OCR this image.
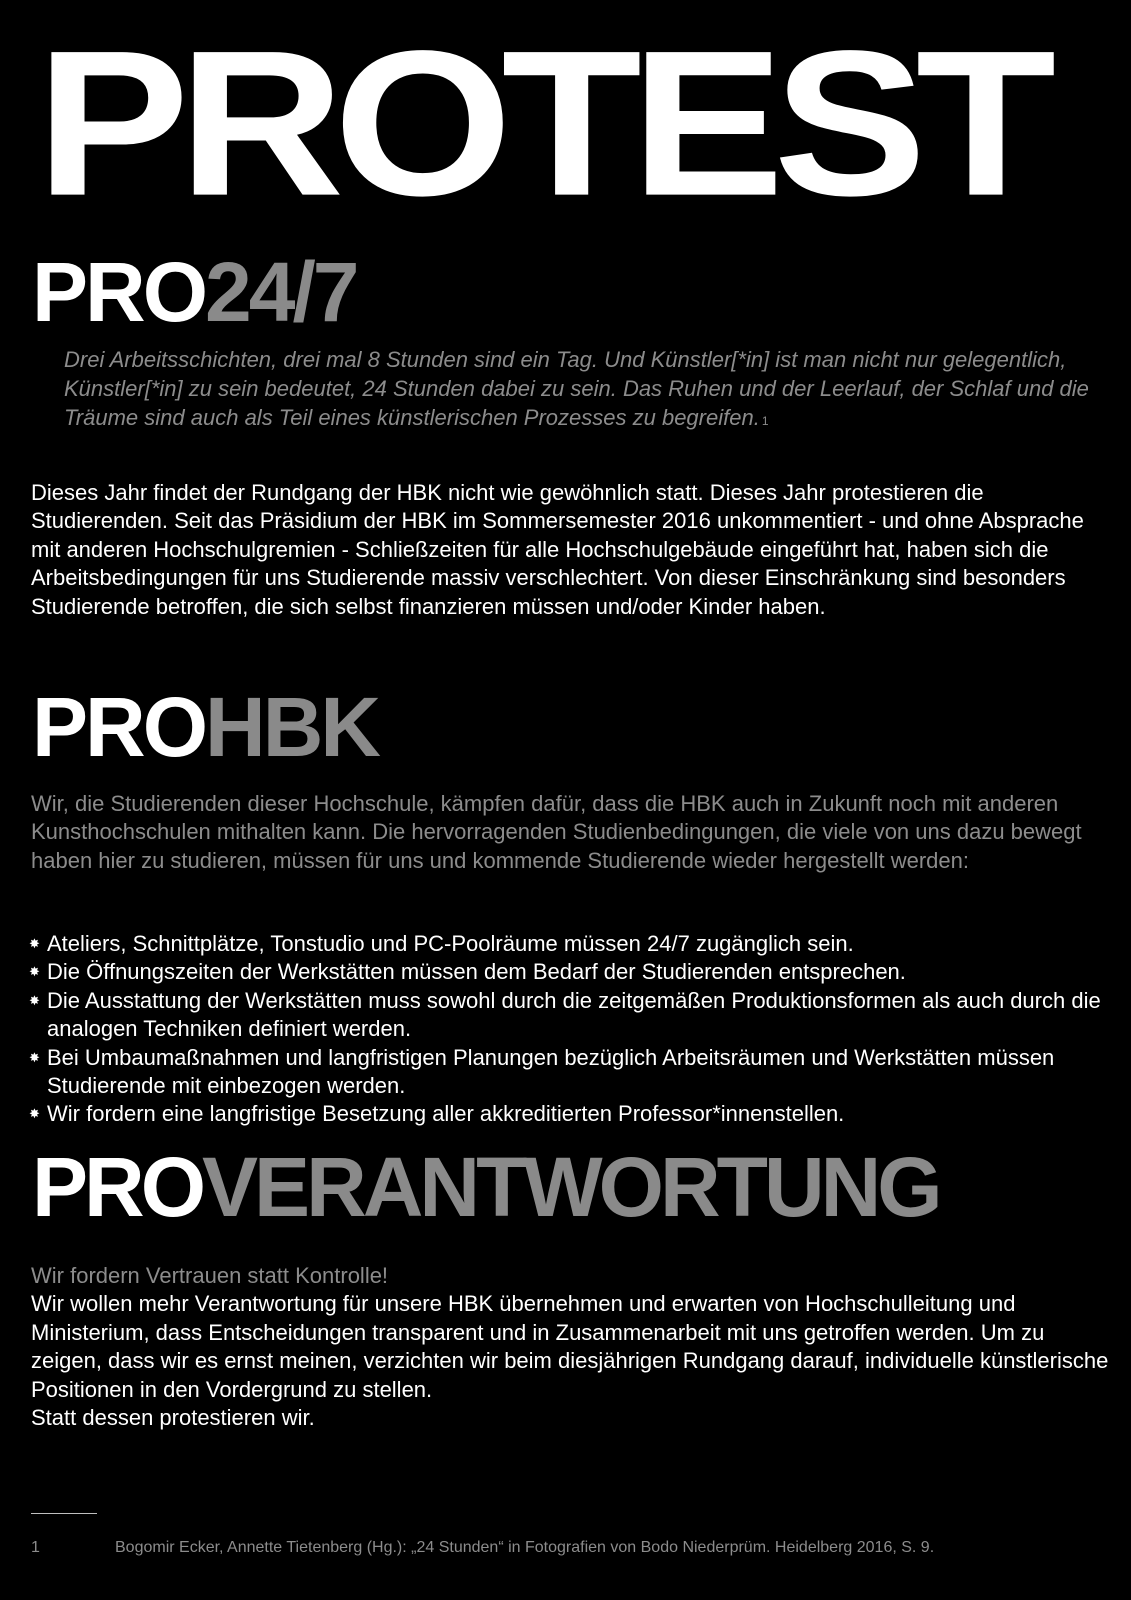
PROTEST
PRO24/7
Drei Arbeitsschichten, drei mal 8 Stunden sind ein Tag. Und Künstler[*in] ist man nicht nur gelegentlich, Künstler[*in] zu sein bedeutet, 24 Stunden dabei zu sein. Das Ruhen und der Leerlauf, der Schlaf und die Träume sind auch als Teil eines künstlerischen Prozesses zu begreifen. $^1$
Dieses Jahr findet der Rundgang der HBK nicht wie gewöhnlich statt. Dieses Jahr protestieren die Studierenden. Seit das Präsidium der HBK im Sommersemester 2016 unkommentiert - und ohne Absprache mit anderen Hochschulgremien - Schließzeiten für alle Hochschulgebäude eingeführt hat, haben sich die Arbeitsbedingungen für uns Studierende massiv verschlechtert. Von dieser Einschränkung sind besonders Studierende betroffen, die sich selbst finanzieren müssen und/oder Kinder haben.
PROHBK
Wir, die Studierenden dieser Hochschule, kämpfen dafür, dass die HBK auch in Zukunft noch mit anderen Kunsthochschulen mithalten kann. Die hervorragenden Studienbedingungen, die viele von uns dazu bewegt haben hier zu studieren, müssen für uns und kommende Studierende wieder hergestellt werden:
✸ Ateliers, Schnittplätze, Tonstudio und PC-Poolräume müssen 24/7 zugänglich sein.
✸ Die Öffnungszeiten der Werkstätten müssen dem Bedarf der Studierenden entsprechen.
✸ Die Ausstattung der Werkstätten muss sowohl durch die zeitgemäßen Produktionsformen als auch durch die analogen Techniken definiert werden.
✸ Bei Umbaumaßnahmen und langfristigen Planungen bezüglich Arbeitsräumen und Werkstätten müssen Studierende mit einbezogen werden.
✸ Wir fordern eine langfristige Besetzung aller akkreditierten Professor*innenstellen.
PROVERANTWORTUNG
Wir fordern Vertrauen statt Kontrolle!
Wir wollen mehr Verantwortung für unsere HBK übernehmen und erwarten von Hochschulleitung und Ministerium, dass Entscheidungen transparent und in Zusammenarbeit mit uns getroffen werden. Um zu zeigen, dass wir es ernst meinen, verzichten wir beim diesjährigen Rundgang darauf, individuelle künstlerische Positionen in den Vordergrund zu stellen.
Statt dessen protestieren wir.
1	Bogomir Ecker, Annette Tietenberg (Hg.): „24 Stunden“ in Fotografien von Bodo Niederprüm. Heidelberg 2016, S. 9.
